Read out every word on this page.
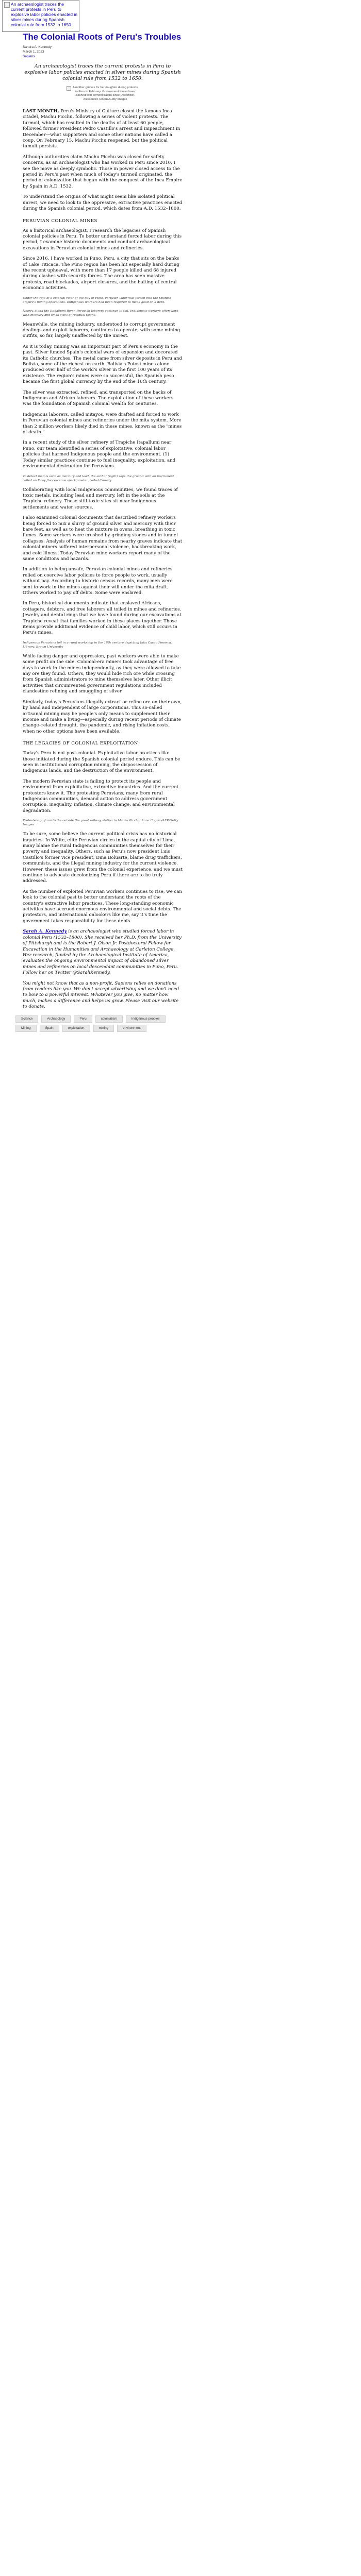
An archaeologist traces the current protests in Peru to explosive labor policies enacted in silver mines during Spanish colonial rule from 1532 to 1650.
The Colonial Roots of Peru's Troubles
Sandra A. Kennedy
March 1, 2023
Sapiens
An archaeologist traces the current protests in Peru to explosive labor policies enacted in silver mines during Spanish colonial rule from 1532 to 1650.
A mother grieves for her daughter during protests in Peru in February. Government forces have clashed with demonstrators since December. Alessandro Cinque/Getty Images

LAST MONTH, Peru's Ministry of Culture closed the famous Inca citadel, Machu Picchu, following a series of violent protests. The turmoil, which has resulted in the deaths of at least 60 people, followed former President Pedro Castillo's arrest and impeachment in December—what supporters and some other nations have called a coup. On February 15, Machu Picchu reopened, but the political tumult persists.

Although authorities claim Machu Picchu was closed for safety concerns, as an archaeologist who has worked in Peru since 2010, I see the move as deeply symbolic. Those in power closed access to the period in Peru's past when much of today's turmoil originated, the period of colonization that began with the conquest of the Inca Empire by Spain in A.D. 1532.

To understand the origins of what might seem like isolated political unrest, we need to look to the oppressive, extractive practices enacted during the Spanish colonial period, which dates from A.D. 1532–1800.

PERUVIAN COLONIAL MINES

As a historical archaeologist, I research the legacies of Spanish colonial policies in Peru. To better understand forced labor during this period, I examine historic documents and conduct archaeological excavations in Peruvian colonial mines and refineries.

Since 2016, I have worked in Puno, Peru, a city that sits on the banks of Lake Titicaca. The Puno region has been hit especially hard during the recent upheaval, with more than 17 people killed and 68 injured during clashes with security forces. The area has seen massive protests, road blockades, airport closures, and the halting of central economic activities.

Under the rule of a colonial ruler of the city of Puno, Peruvian labor was forced into the Spanish empire's mining operations. Indigenous workers had been required to make good on a debt.

Nearly, along the Itapallumi River, Peruvian laborers continue to toil. Indigenous workers often work with mercury and small sizes of residual toxins.

Meanwhile, the mining industry, understood to corrupt government dealings and exploit laborers, continues to operate, with some mining outfits, so far, largely unaffected by the unrest.

As it is today, mining was an important part of Peru's economy in the past. Silver funded Spain's colonial wars of expansion and decorated its Catholic churches. The metal came from silver deposits in Peru and Bolivia, some of the richest on earth. Bolivia's Potosí mines alone produced over half of the world's silver in the first 100 years of its existence. The region's mines were so successful, the Spanish peso became the first global currency by the end of the 16th century.

The silver was extracted, refined, and transported on the backs of Indigenous and African laborers. The exploitation of these workers was the foundation of Spanish colonial wealth for centuries.

Indigenous laborers, called mitayos, were drafted and forced to work in Peruvian colonial mines and refineries under the mita system. More than 2 million workers likely died in these mines, known as the "mines of death."

In a recent study of the silver refinery of Trapiche Itapallumi near Puno, our team identified a series of exploitative, colonial labor policies that harmed Indigenous people and the environment. (1) Today similar practices continue to fuel inequality, exploitation, and environmental destruction for Peruvians.

To detect metals such as mercury and lead, the author (right) zaps the ground with an instrument called an X-ray fluorescence spectrometer. Isabel Cowdry

Collaborating with local Indigenous communities, we found traces of toxic metals, including lead and mercury, left in the soils at the Trapiche refinery. These still-toxic sites sit near Indigenous settlements and water sources.

I also examined colonial documents that described refinery workers being forced to mix a slurry of ground silver and mercury with their bare feet, as well as to heat the mixture in ovens, breathing in toxic fumes. Some workers were crushed by grinding stones and in tunnel collapses. Analysis of human remains from nearby graves indicate that colonial miners suffered interpersonal violence, backbreaking work, and cold illness. Today Peruvian mine workers report many of the same conditions and hazards.

In addition to being unsafe, Peruvian colonial mines and refineries relied on coercive labor policies to force people to work, usually without pay. According to historic census records, many men were sent to work in the mines against their will under the mita draft. Others worked to pay off debts. Some were enslaved.

In Peru, historical documents indicate that enslaved Africans, cottagers, debtors, and free laborers all toiled in mines and refineries. Jewelry and dental rings that we have found during our excavations at Trapiche reveal that families worked in these places together. Those items provide additional evidence of child labor, which still occurs in Peru's mines.

Indigenous Peruvians toil in a rural workshop in the 18th century depicting Inka Cacao Fonseca. Library: Brown University

While facing danger and oppression, past workers were able to make some profit on the side. Colonial-era miners took advantage of free days to work in the mines independently, as they were allowed to take any ore they found. Others, they would hide rich ore while crossing from Spanish administrators to mine themselves later. Other illicit activities that circumvented government regulations included clandestine refining and smuggling of silver.

Similarly, today's Peruvians illegally extract or refine ore on their own, by hand and independent of large corporations. This so-called artisanal mining may be people's only means to supplement their income and make a living—especially during recent periods of climate change–related drought, the pandemic, and rising inflation costs, when no other options have been available.

THE LEGACIES OF COLONIAL EXPLOITATION

Today's Peru is not post-colonial. Exploitative labor practices like those initiated during the Spanish colonial period endure. This can be seen in institutional corruption mining, the dispossession of Indigenous lands, and the destruction of the environment.

The modern Peruvian state is failing to protect its people and environment from exploitative, extractive industries. And the current protesters know it. The protesting Peruvians, many from rural Indigenous communities, demand action to address government corruption, inequality, inflation, climate change, and environmental degradation.

Protesters go from to the outside the great railway station to Machu Picchu. Anna Cogato/AFP/Getty Images

To be sure, some believe the current political crisis has no historical inquiries. In White, elite Peruvian circles in the capital city of Lima, many blame the rural Indigenous communities themselves for their poverty and inequality. Others, such as Peru's now president Luis Castillo's former vice president, Dina Boluarte, blame drug traffickers, communists, and the illegal mining industry for the current violence. However, these issues grew from the colonial experience, and we must continue to advocate decolonizing Peru if there are to be truly addressed.

As the number of exploited Peruvian workers continues to rise, we can look to the colonial past to better understand the roots of the country's extractive labor practices. These long-standing economic activities have accrued enormous environmental and social debts. The protestors, and international onlookers like me, say it's time the government takes responsibility for these debts.

Sarah A. Kennedy is an archaeologist who studied forced labor in colonial Peru (1532–1800). She received her Ph.D. from the University of Pittsburgh and is the Robert J. Olson Jr. Postdoctoral Fellow for Excavation in the Humanities and Archaeology at Carleton College. Her research, funded by the Archaeological Institute of America, evaluates the ongoing environmental impact of abandoned silver mines and refineries on local descendant communities in Puno, Peru. Follow her on Twitter @SarahKennedy.

You might not know that as a non-profit, Sapiens relies on donations from readers like you. We don't accept advertising and we don't need to bow to a powerful interest. Whatever you give, no matter how much, makes a difference and helps us grow. Please visit our website to donate.

Science	Archaeology	Peru	colonialism	Indigenous peoples
Mining	Spain	exploitation	mining	environment
